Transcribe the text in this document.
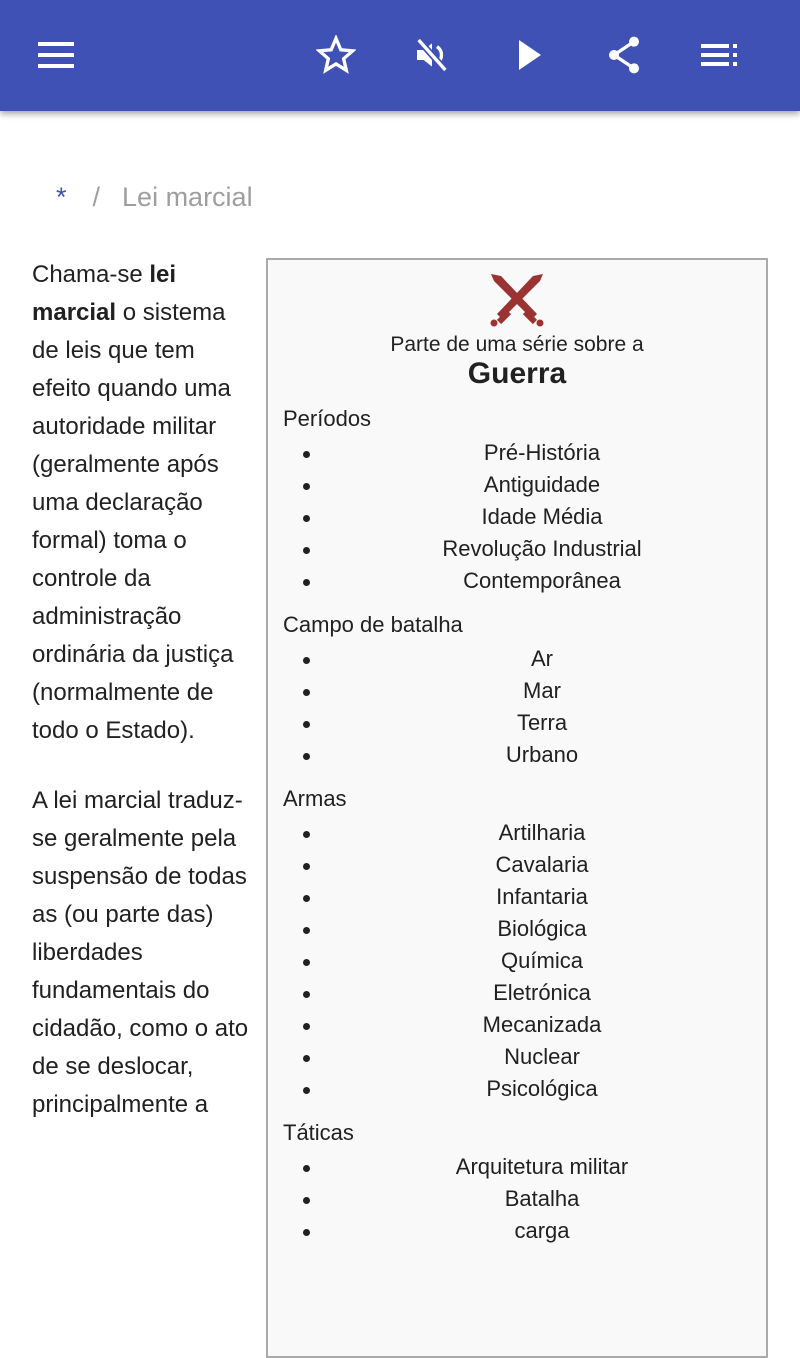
* / Lei marcial

Chama-se lei marcial o sistema de leis que tem efeito quando uma autoridade militar (geralmente após uma declaração formal) toma o controle da administração ordinária da justiça (normalmente de todo o Estado).

A lei marcial traduz-se geralmente pela suspensão de todas as (ou parte das) liberdades fundamentais do cidadão, como o ato de se deslocar, principalmente a

Parte de uma série sobre a
Guerra
Períodos
Pré-História
Antiguidade
Idade Média
Revolução Industrial
Contemporânea
Campo de batalha
Ar
Mar
Terra
Urbano
Armas
Artilharia
Cavalaria
Infantaria
Biológica
Química
Eletrónica
Mecanizada
Nuclear
Psicológica
Táticas
Arquitetura militar
Batalha
carga
